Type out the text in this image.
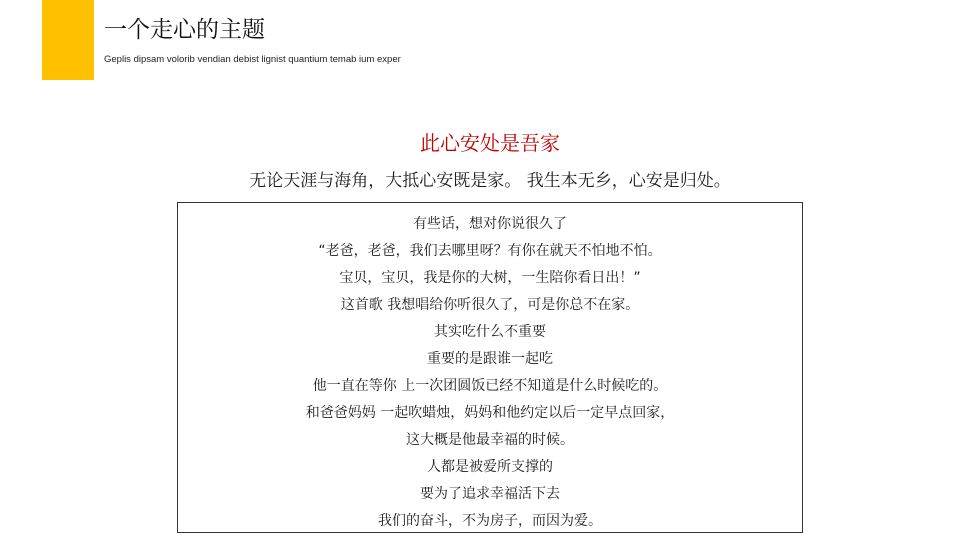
一个走心的主题
Geplis dipsam volorib vendian debist lignist quantium temab ium exper
此心安处是吾家
无论天涯与海角，大抵心安既是家。 我生本无乡，心安是归处。
有些话，想对你说很久了
“老爸，老爸，我们去哪里呀？有你在就天不怕地不怕。
宝贝，宝贝，我是你的大树，一生陪你看日出！”
这首歌 我想唱给你听很久了，可是你总不在家。
其实吃什么不重要
重要的是跟谁一起吃
他一直在等你 上一次团圆饭已经不知道是什么时候吃的。
和爸爸妈妈 一起吹蜡烛，妈妈和他约定以后一定早点回家，
这大概是他最幸福的时候。
人都是被爱所支撑的
要为了追求幸福活下去
我们的奋斗，不为房子，而因为爱。
